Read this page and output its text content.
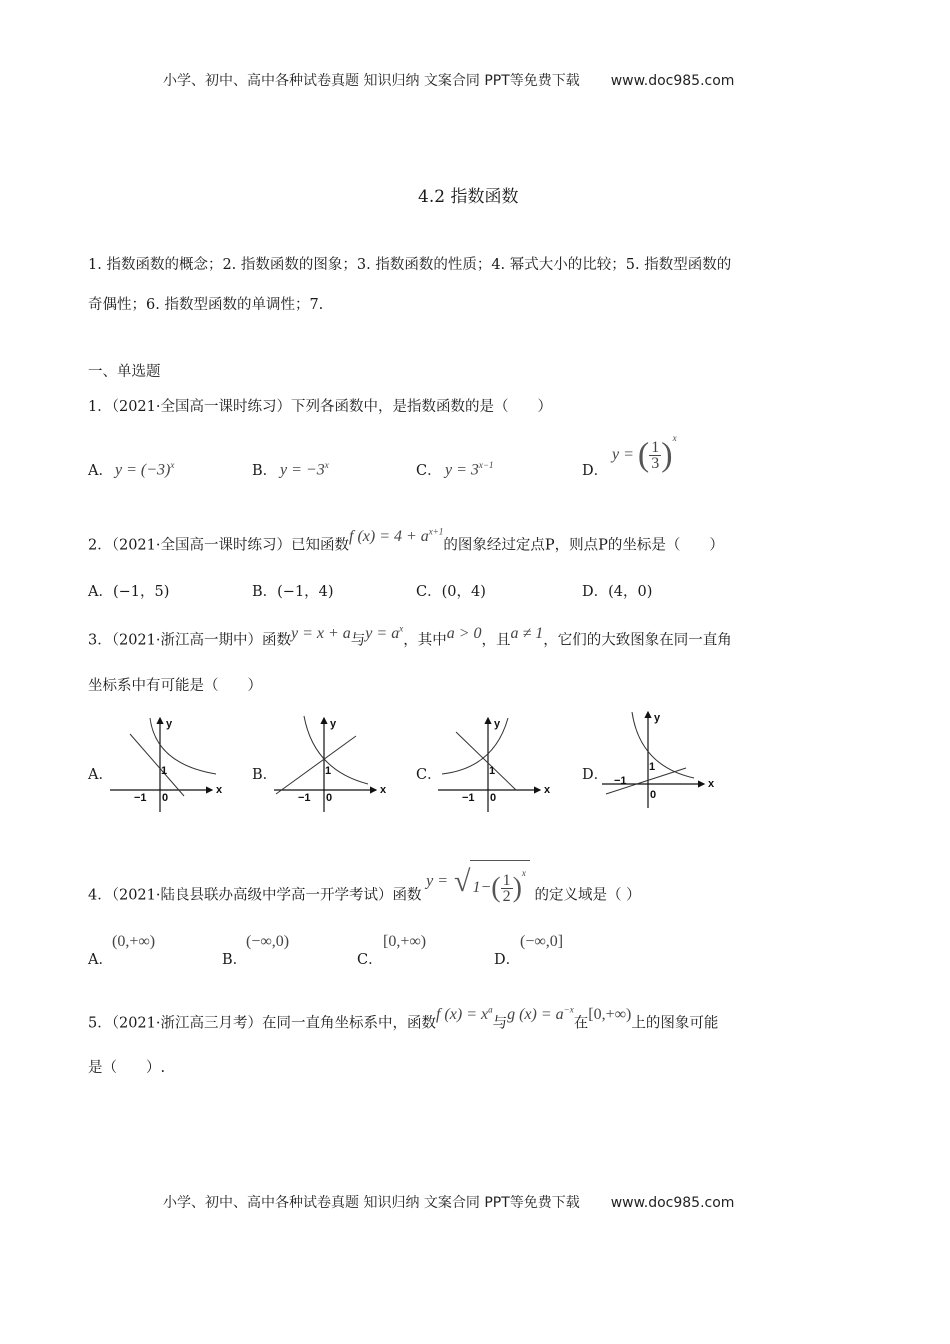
小学、初中、高中各种试卷真题 知识归纳 文案合同 PPT等免费下载 www.doc985.com
4.2 指数函数
1. 指数函数的概念；2. 指数函数的图象；3. 指数函数的性质；4. 幂式大小的比较；5. 指数型函数的
奇偶性；6. 指数型函数的单调性；7.
一、单选题
1．（2021·全国高一课时练习）下列各函数中，是指数函数的是（　　）
A． $y = (-3)^x$	B． $y = -3^x$	C． $y = 3^{x-1}$	D．
y = ( $\frac{1}{3} )^x$
2．（2021·全国高一课时练习）已知函数f $(x) = 4 + a^{x+1}$的图象经过定点P，则点P的坐标是（　　）
A．(−1，5)	B．(−1，4)	C．(0，4)	D．(4，0)
3．（2021·浙江高一期中）函数y = x + a与$y = a^x$，其中a > 0，且a ≠ 1，它们的大致图象在同一直角
坐标系中有可能是（　　）
A．	B．	C．	D．
x
y
0
1
−1
x
y
0
1
−1
x
y
0
1
−1
x
y
0
1
−1
4．（2021·陆良县联办高级中学高一开学考试）函数 y = √ $1-( \frac{1}{2} )^x$ 的定义域是（ ）
A．
(0,+∞)
B．
(−∞,0)
C．
[0,+∞)
D．
(−∞,0]
5．（2021·浙江高三月考）在同一直角坐标系中，函数f $(x) = x^a$与g $(x) = a^{-x}$在[0,+∞)上的图象可能
是（　　）.
小学、初中、高中各种试卷真题 知识归纳 文案合同 PPT等免费下载 www.doc985.com
